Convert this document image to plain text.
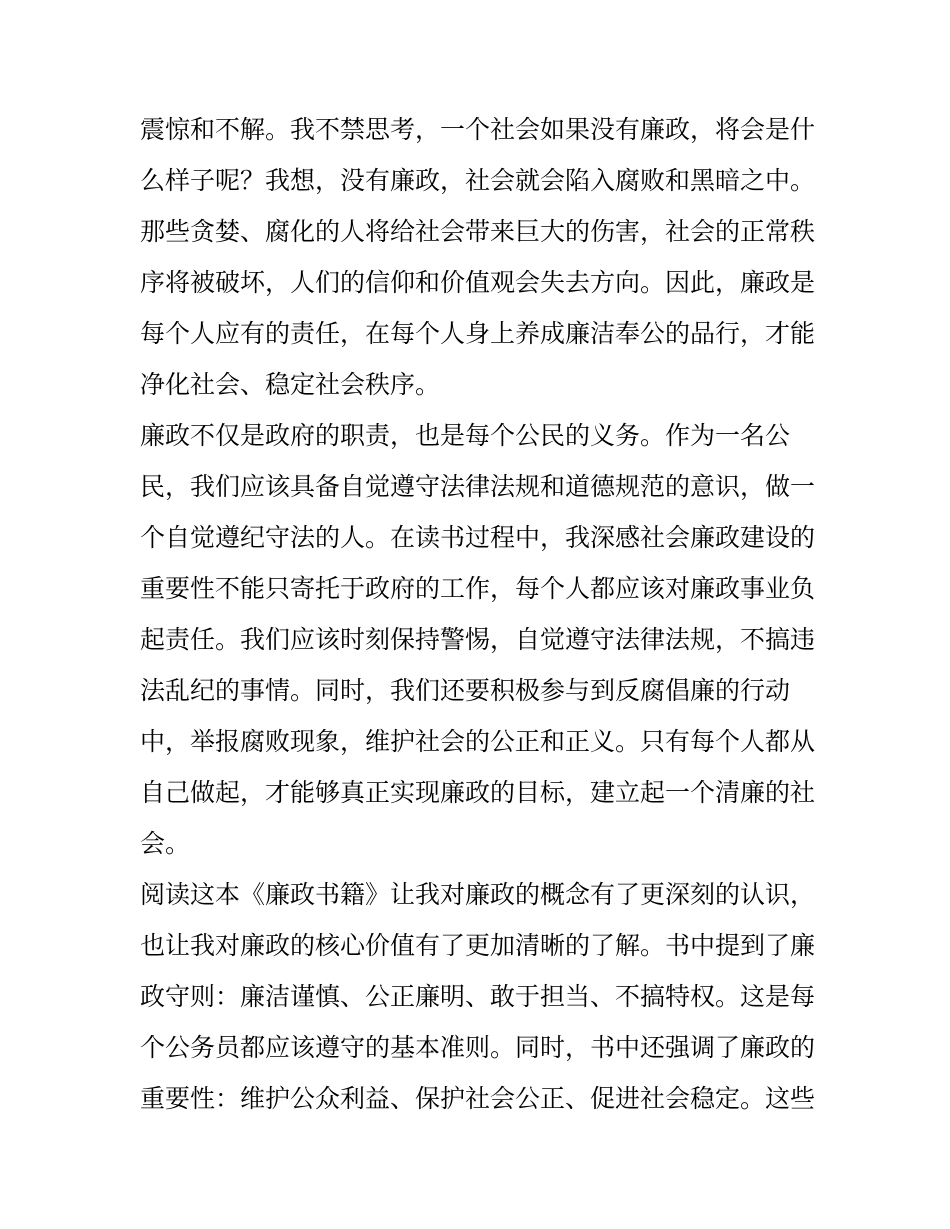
震惊和不解。我不禁思考，一个社会如果没有廉政，将会是什
么样子呢？我想，没有廉政，社会就会陷入腐败和黑暗之中。
那些贪婪、腐化的人将给社会带来巨大的伤害，社会的正常秩
序将被破坏，人们的信仰和价值观会失去方向。因此，廉政是
每个人应有的责任，在每个人身上养成廉洁奉公的品行，才能
净化社会、稳定社会秩序。
廉政不仅是政府的职责，也是每个公民的义务。作为一名公
民，我们应该具备自觉遵守法律法规和道德规范的意识，做一
个自觉遵纪守法的人。在读书过程中，我深感社会廉政建设的
重要性不能只寄托于政府的工作，每个人都应该对廉政事业负
起责任。我们应该时刻保持警惕，自觉遵守法律法规，不搞违
法乱纪的事情。同时，我们还要积极参与到反腐倡廉的行动
中，举报腐败现象，维护社会的公正和正义。只有每个人都从
自己做起，才能够真正实现廉政的目标，建立起一个清廉的社
会。
阅读这本《廉政书籍》让我对廉政的概念有了更深刻的认识，
也让我对廉政的核心价值有了更加清晰的了解。书中提到了廉
政守则：廉洁谨慎、公正廉明、敢于担当、不搞特权。这是每
个公务员都应该遵守的基本准则。同时，书中还强调了廉政的
重要性：维护公众利益、保护社会公正、促进社会稳定。这些
